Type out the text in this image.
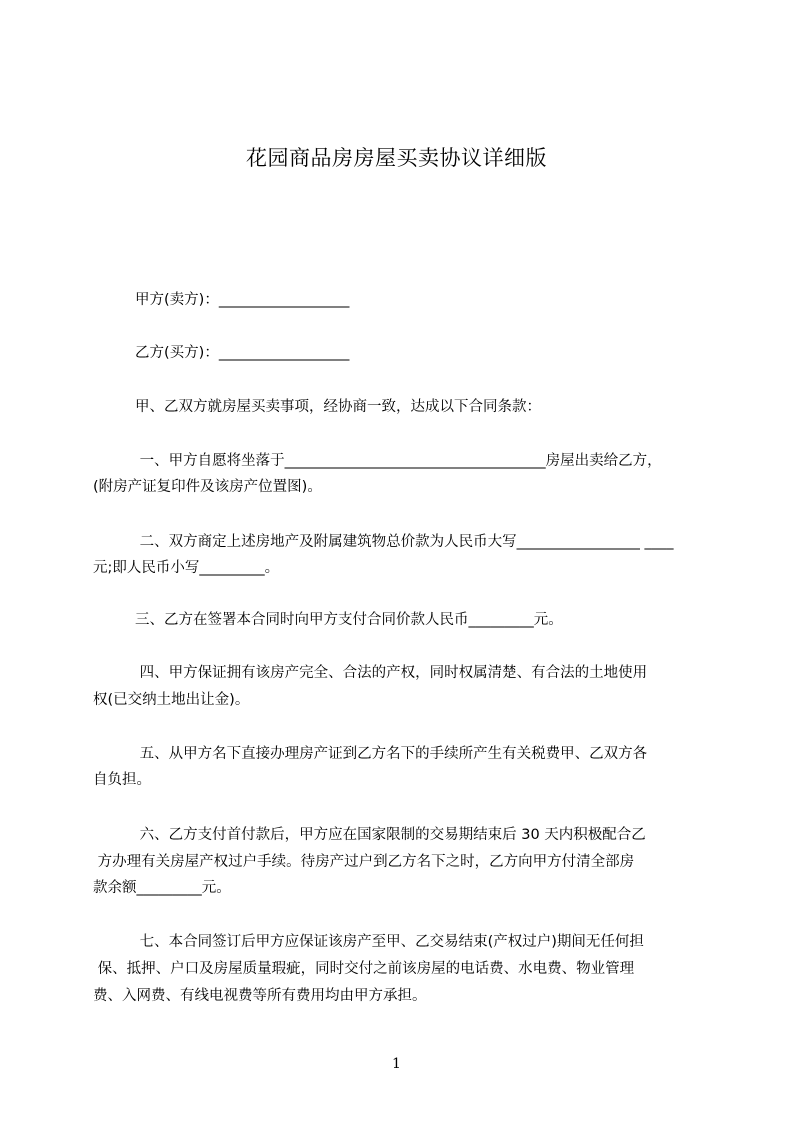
花园商品房房屋买卖协议详细版
甲方(卖方)：__________________
乙方(买方)：__________________
甲、乙双方就房屋买卖事项，经协商一致，达成以下合同条款：
一、甲方自愿将坐落于____________________________________房屋出卖给乙方，
(附房产证复印件及该房产位置图)。
二、双方商定上述房地产及附属建筑物总价款为人民币大写_________________ ____
元;即人民币小写_________。
三、乙方在签署本合同时向甲方支付合同价款人民币_________元。
四、甲方保证拥有该房产完全、合法的产权，同时权属清楚、有合法的土地使用
权(已交纳土地出让金)。
五、从甲方名下直接办理房产证到乙方名下的手续所产生有关税费甲、乙双方各
自负担。
六、乙方支付首付款后，甲方应在国家限制的交易期结束后 30 天内积极配合乙
方办理有关房屋产权过户手续。待房产过户到乙方名下之时，乙方向甲方付清全部房
款余额_________元。
七、本合同签订后甲方应保证该房产至甲、乙交易结束(产权过户)期间无任何担
保、抵押、户口及房屋质量瑕疵，同时交付之前该房屋的电话费、水电费、物业管理
费、入网费、有线电视费等所有费用均由甲方承担。
1
